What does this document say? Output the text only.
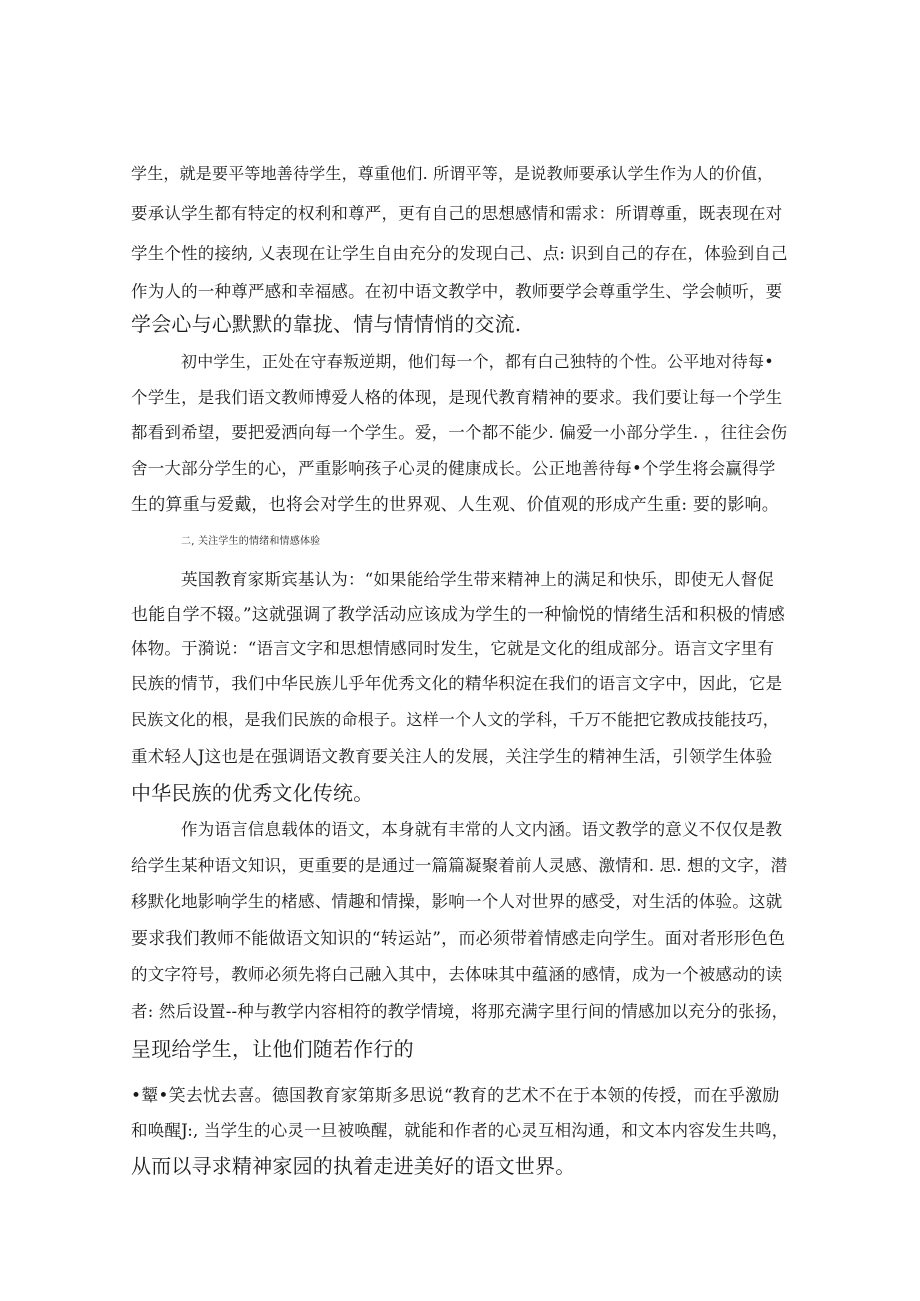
学生，就是要平等地善待学生，尊重他们. 所谓平等，是说教师要承认学生作为人的价值，
要承认学生都有特定的权利和尊严，更有自己的思想感情和需求：所谓尊重，既表现在对
学生个性的接纳, 乂表现在让学生自由充分的发现白己、点: 识到自己的存在，体验到自己
作为人的一种尊严感和幸福感。在初中语文教学中，教师要学会尊重学生、学会帧听，要
学会心与心默默的靠拢、情与情情悄的交流.
初中学生，正处在守春叛逆期，他们每一个，都有白己独特的个性。公平地对待每•
个学生，是我们语文教师博爱人格的体现，是现代教育精神的要求。我们要让每一个学生
都看到希望，要把爱洒向每一个学生。爱，一个都不能少. 偏爱一小部分学生. ，往往会伤
舍一大部分学生的心，严重影响孩子心灵的健康成长。公正地善待每•个学生将会赢得学
生的算重与爱戴，也将会对学生的世界观、人生观、价值观的形成产生重: 要的影响。
二, 关注学生的情绪和情感体验
英国教育家斯宾基认为：“如果能给学生带来精神上的满足和快乐，即使无人督促
也能自学不辍。”这就强调了教学活动应该成为学生的一种愉悦的情绪生活和积极的情感
体物。于漪说：“语言文字和思想情感同时发生，它就是文化的组成部分。语言文字里有
民族的情节，我们中华民族儿乎年优秀文化的精华积淀在我们的语言文字中，因此，它是
民族文化的根，是我们民族的命根子。这样一个人文的学科，千万不能把它教成技能技巧，
重术轻人J这也是在强调语文教育要关注人的发展，关注学生的精神生活，引领学生体验
中华民族的优秀文化传统。
作为语言信息载体的语文，本身就有丰常的人文内涵。语文教学的意义不仅仅是教
给学生某种语文知识，更重要的是通过一篇篇凝聚着前人灵感、激情和. 思. 想的文字，潜
移默化地影响学生的楮感、情趣和情操，影响一个人对世界的感受，对生活的体验。这就
要求我们教师不能做语文知识的“转运站”，而必须带着情感走向学生。面对者形形色色
的文字符号，教师必须先将白己融入其中，去体味其中蕴涵的感情，成为一个被感动的读
者: 然后设置--种与教学内容相符的教学情境，将那充满字里行间的情感加以充分的张扬，
呈现给学生，让他们随若作行的
•颦•笑去忧去喜。德国教育家第斯多思说“教育的艺术不在于本领的传授，而在乎激励
和唤醒J:, 当学生的心灵一旦被唤醒，就能和作者的心灵互相沟通，和文本内容发生共鸣，
从而以寻求精神家园的执着走进美好的语文世界。
